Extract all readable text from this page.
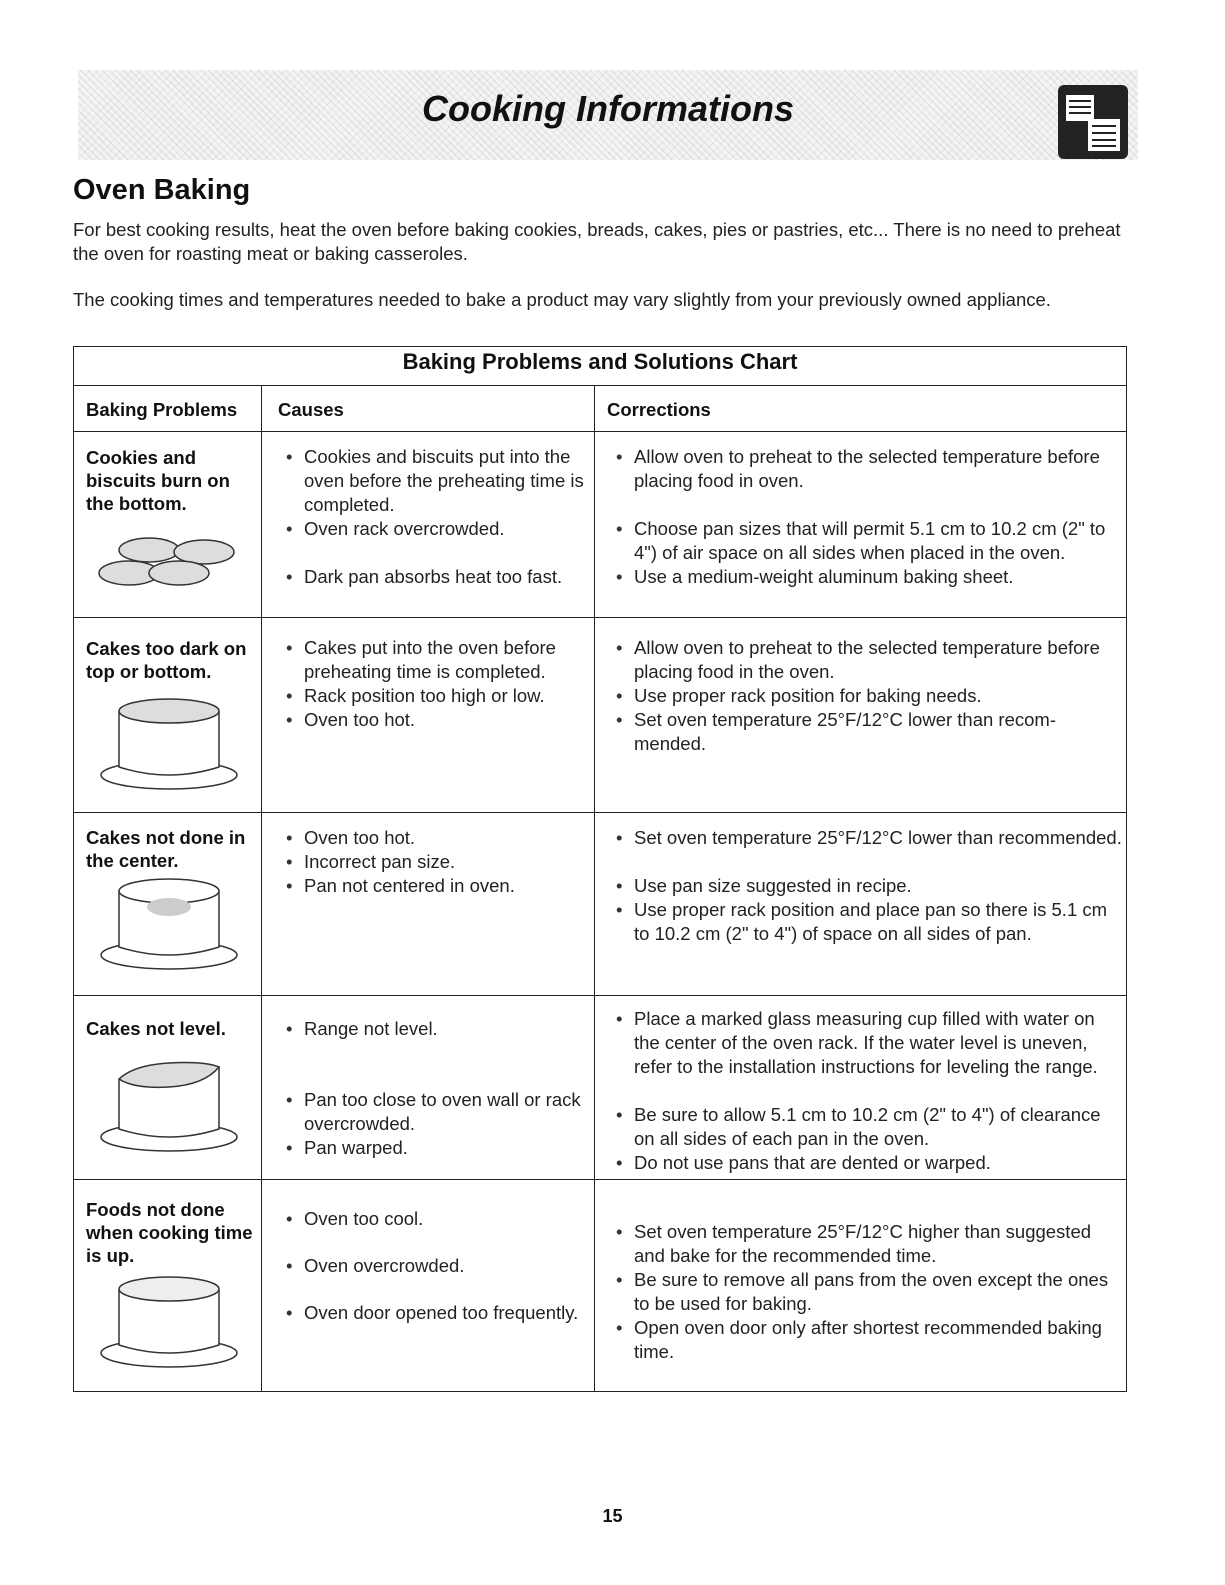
Cooking Informations
Oven Baking

For best cooking results, heat the oven before baking cookies, breads, cakes, pies or pastries, etc... There is no need to preheat the oven for roasting meat or baking casseroles.

The cooking times and temperatures needed to bake a product may vary slightly from your previously owned appliance.

Baking Problems and Solutions Chart
Baking Problems Causes	Corrections
Cookies and biscuits burn on the bottom.
• Cookies and biscuits put into the oven before the preheating time is completed.
• Oven rack overcrowded.
• Dark pan absorbs heat too fast.
• Allow oven to preheat to the selected temperature before placing food in oven.
• Choose pan sizes that will permit 5.1 cm to 10.2 cm (2" to 4") of air space on all sides when placed in the oven.
• Use a medium-weight aluminum baking sheet.
Cakes too dark on top or bottom.
• Cakes put into the oven before preheating time is completed.
• Rack position too high or low.
• Oven too hot.
• Allow oven to preheat to the selected temperature before placing food in the oven.
• Use proper rack position for baking needs.
• Set oven temperature 25°F/12°C lower than recom-mended.
Cakes not done in the center.
• Oven too hot.
• Incorrect pan size.
• Pan not centered in oven.
• Set oven temperature 25°F/12°C lower than recommended.
• Use pan size suggested in recipe.
• Use proper rack position and place pan so there is 5.1 cm to 10.2 cm (2" to 4") of space on all sides of pan.
Cakes not level.
•	Range not level.
• Pan too close to oven wall or rack overcrowded.
• Pan warped.
• Place a marked glass measuring cup filled with water on the center of the oven rack. If the water level is uneven, refer to the installation instructions for leveling the range.
• Be sure to allow 5.1 cm to 10.2 cm (2" to 4") of clearance on all sides of each pan in the oven.
• Do not use pans that are dented or warped.
Foods not done when cooking time is up.
• Oven too cool.
• Oven overcrowded.
• Oven door opened too frequently.
• Set oven temperature 25°F/12°C higher than suggested and bake for the recommended time.
• Be sure to remove all pans from the oven except the ones to be used for baking.
• Open oven door only after shortest recommended baking time.
15
